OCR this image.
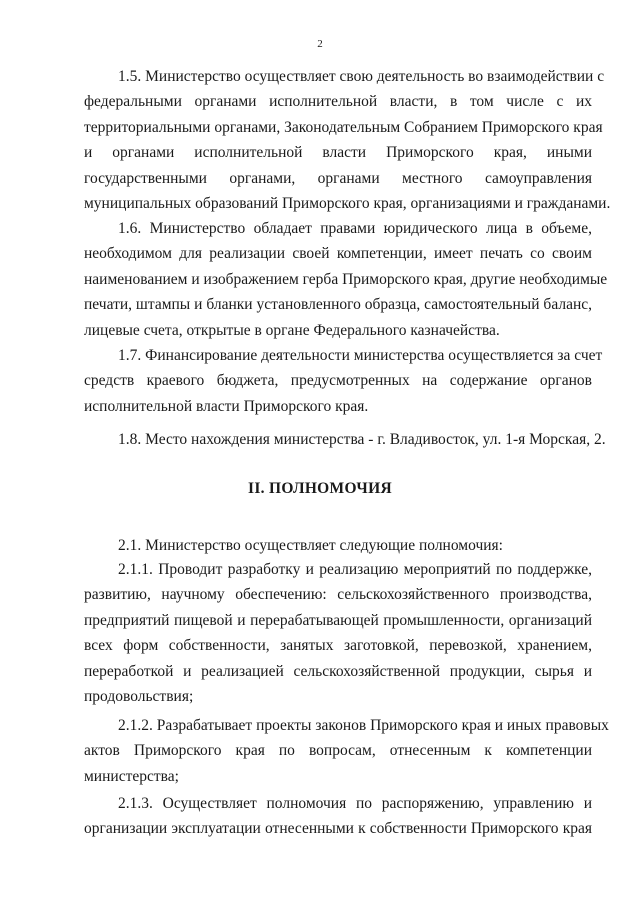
2
1.5. Министерство осуществляет свою деятельность во взаимодействии с
федеральными органами исполнительной власти, в том числе с их
территориальными органами, Законодательным Собранием Приморского края
и органами исполнительной власти Приморского края, иными
государственными органами, органами местного самоуправления
муниципальных образований Приморского края, организациями и гражданами.
1.6. Министерство обладает правами юридического лица в объеме,
необходимом для реализации своей компетенции, имеет печать со своим
наименованием и изображением герба Приморского края, другие необходимые
печати, штампы и бланки установленного образца, самостоятельный баланс,
лицевые счета, открытые в органе Федерального казначейства.
1.7. Финансирование деятельности министерства осуществляется за счет
средств краевого бюджета, предусмотренных на содержание органов
исполнительной власти Приморского края.
1.8. Место нахождения министерства - г. Владивосток, ул. 1-я Морская, 2.
II. ПОЛНОМОЧИЯ
2.1. Министерство осуществляет следующие полномочия:
2.1.1. Проводит разработку и реализацию мероприятий по поддержке,
развитию, научному обеспечению: сельскохозяйственного производства,
предприятий пищевой и перерабатывающей промышленности, организаций
всех форм собственности, занятых заготовкой, перевозкой, хранением,
переработкой и реализацией сельскохозяйственной продукции, сырья и
продовольствия;
2.1.2. Разрабатывает проекты законов Приморского края и иных правовых
актов Приморского края по вопросам, отнесенным к компетенции
министерства;
2.1.3. Осуществляет полномочия по распоряжению, управлению и
организации эксплуатации отнесенными к собственности Приморского края
